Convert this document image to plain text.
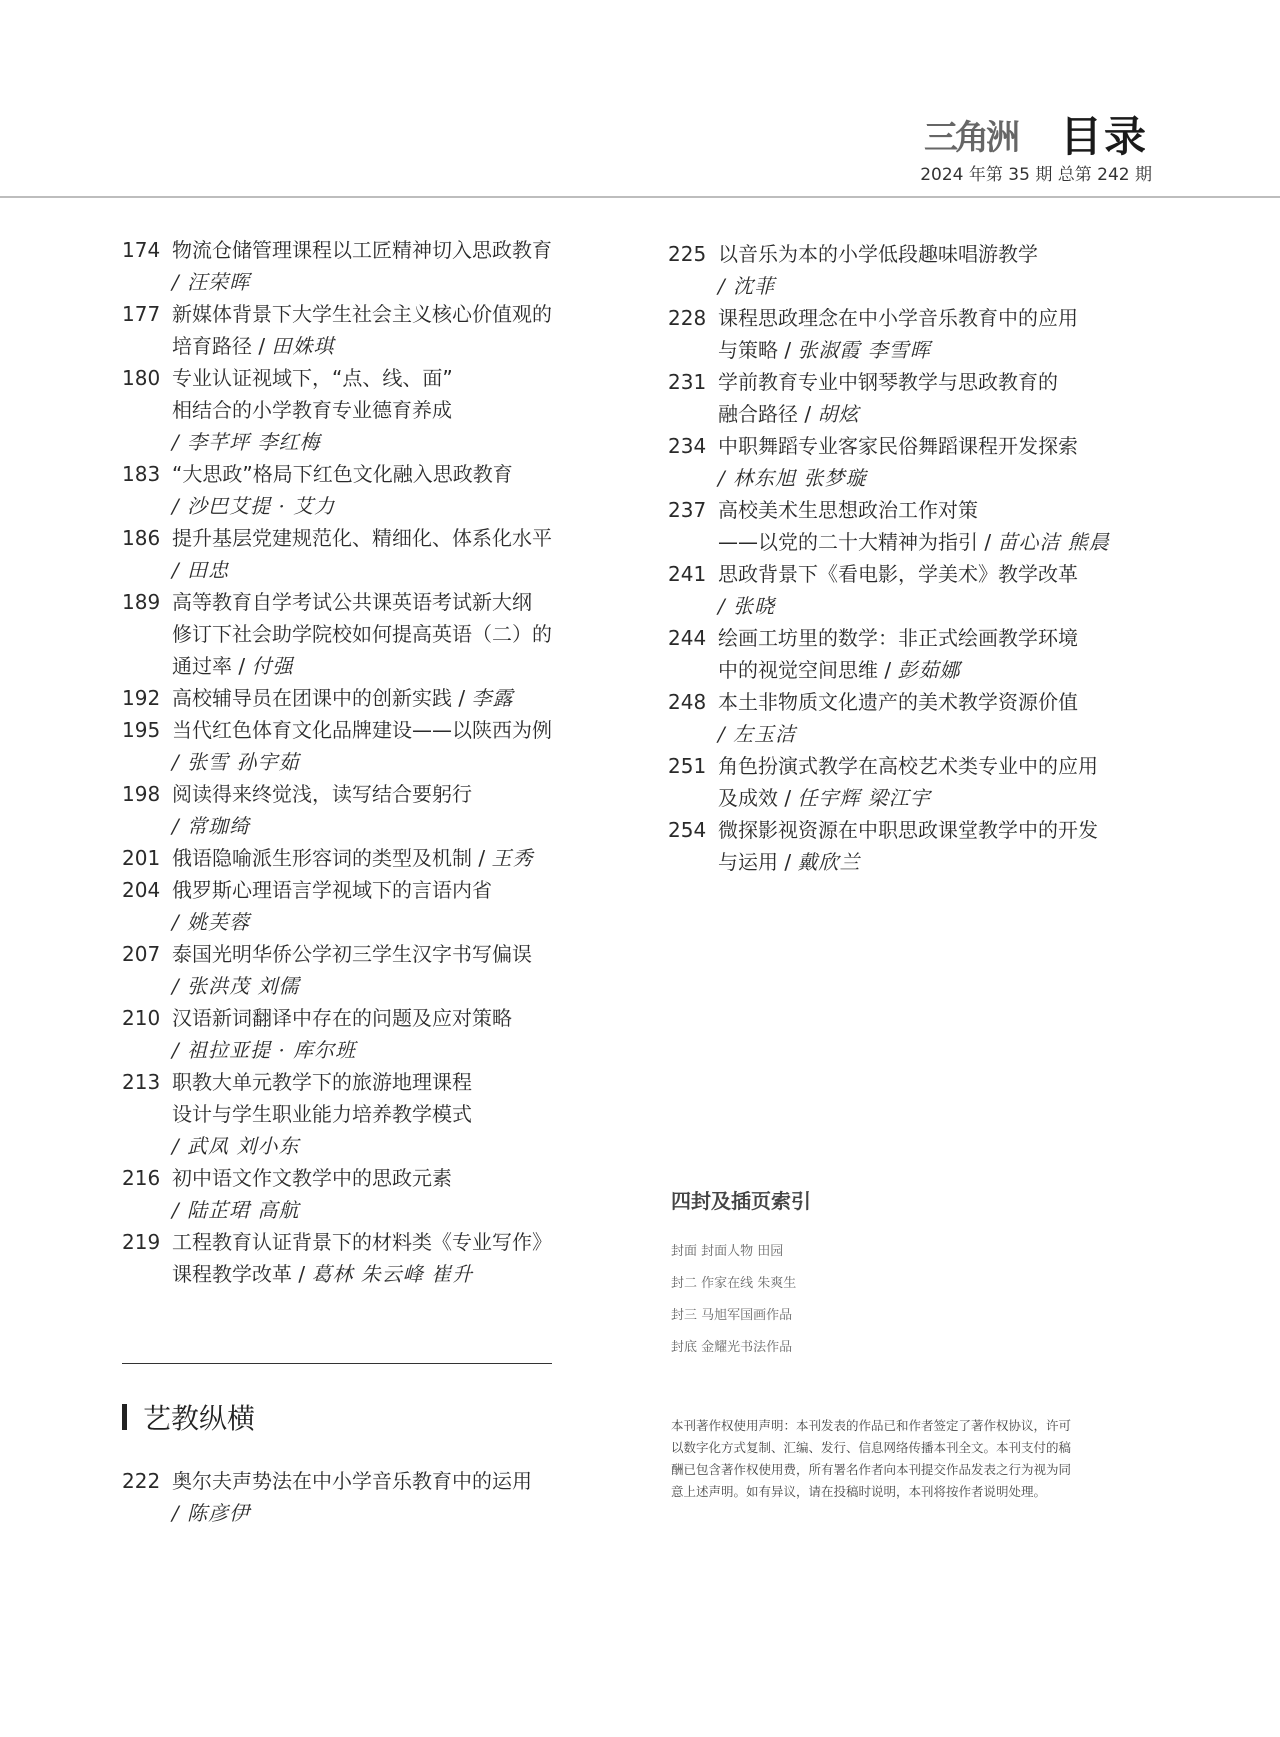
三角洲 目录
2024 年第 35 期 总第 242 期
174 物流仓储管理课程以工匠精神切入思政教育
/ 汪荣晖
177 新媒体背景下大学生社会主义核心价值观的
培育路径 / 田姝琪
180 专业认证视域下，“点、线、面”
相结合的小学教育专业德育养成
/ 李芊坪 李红梅
183 “大思政”格局下红色文化融入思政教育
/ 沙巴艾提 · 艾力
186 提升基层党建规范化、精细化、体系化水平
/ 田忠
189 高等教育自学考试公共课英语考试新大纲
修订下社会助学院校如何提高英语（二）的
通过率 / 付强
192 高校辅导员在团课中的创新实践 / 李露
195 当代红色体育文化品牌建设——以陕西为例
/ 张雪 孙宇茹
198 阅读得来终觉浅，读写结合要躬行
/ 常珈绮
201 俄语隐喻派生形容词的类型及机制 / 王秀
204 俄罗斯心理语言学视域下的言语内省
/ 姚芙蓉
207 泰国光明华侨公学初三学生汉字书写偏误
/ 张洪茂 刘儒
210 汉语新词翻译中存在的问题及应对策略
/ 祖拉亚提 · 库尔班
213 职教大单元教学下的旅游地理课程
设计与学生职业能力培养教学模式
/ 武凤 刘小东
216 初中语文作文教学中的思政元素
/ 陆芷珺 高航
219 工程教育认证背景下的材料类《专业写作》
课程教学改革 / 葛林 朱云峰 崔升
225 以音乐为本的小学低段趣味唱游教学
/ 沈菲
228 课程思政理念在中小学音乐教育中的应用
与策略 / 张淑霞 李雪晖
231 学前教育专业中钢琴教学与思政教育的
融合路径 / 胡炫
234 中职舞蹈专业客家民俗舞蹈课程开发探索
/ 林东旭 张梦璇
237 高校美术生思想政治工作对策
——以党的二十大精神为指引 / 苗心洁 熊晨
241 思政背景下《看电影，学美术》教学改革
/ 张晓
244 绘画工坊里的数学：非正式绘画教学环境
中的视觉空间思维 / 彭茹娜
248 本土非物质文化遗产的美术教学资源价值
/ 左玉洁
251 角色扮演式教学在高校艺术类专业中的应用
及成效 / 任宇辉 梁江宇
254 微探影视资源在中职思政课堂教学中的开发
与运用 / 戴欣兰
艺教纵横
222 奥尔夫声势法在中小学音乐教育中的运用
/ 陈彦伊
四封及插页索引
封面 封面人物 田园
封二 作家在线 朱爽生
封三 马旭军国画作品
封底 金耀光书法作品
本刊著作权使用声明：本刊发表的作品已和作者签定了著作权协议，许可以数字化方式复制、汇编、发行、信息网络传播本刊全文。本刊支付的稿酬已包含著作权使用费，所有署名作者向本刊提交作品发表之行为视为同意上述声明。如有异议，请在投稿时说明，本刊将按作者说明处理。
